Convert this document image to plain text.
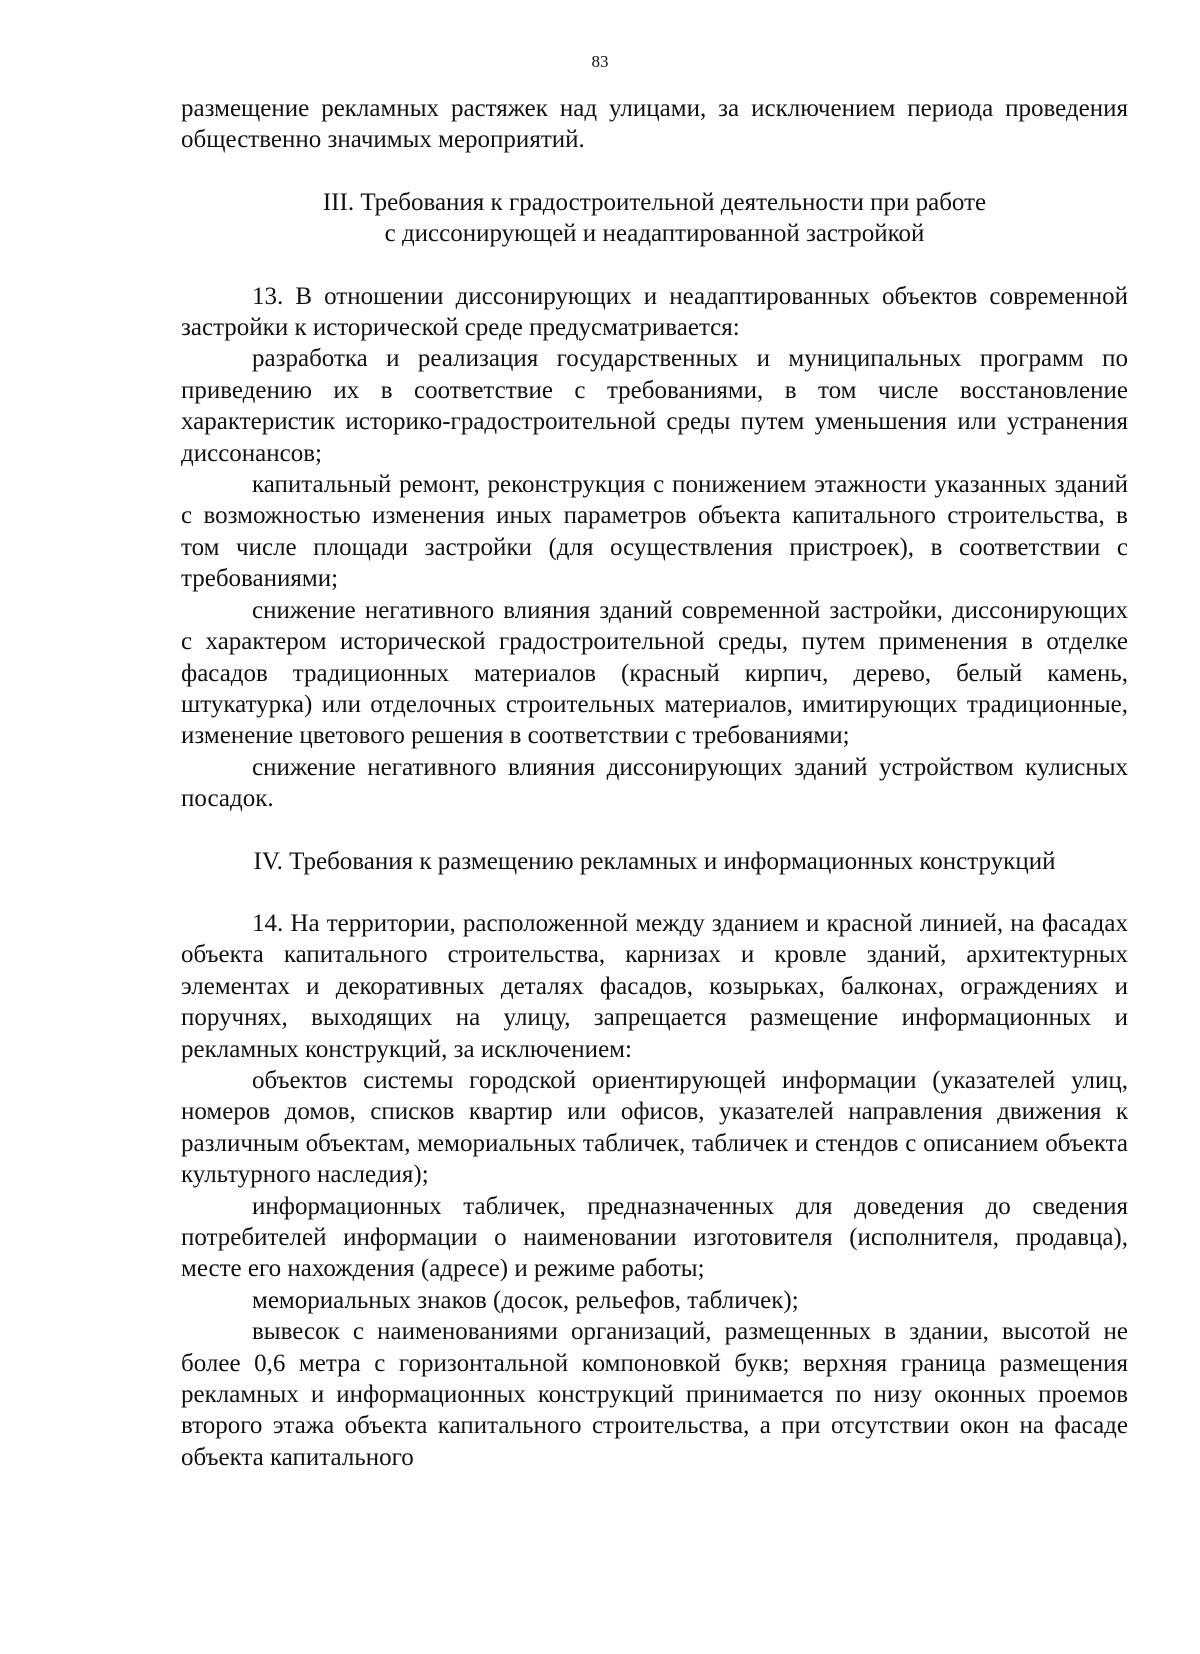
83

размещение рекламных растяжек над улицами, за исключением периода проведения общественно значимых мероприятий.

III. Требования к градостроительной деятельности при работе
с диссонирующей и неадаптированной застройкой

13. В отношении диссонирующих и неадаптированных объектов современной застройки к исторической среде предусматривается:

разработка и реализация государственных и муниципальных программ по приведению их в соответствие с требованиями, в том числе восстановление характеристик историко-градостроительной среды путем уменьшения или устранения диссонансов;

капитальный ремонт, реконструкция с понижением этажности указанных зданий с возможностью изменения иных параметров объекта капитального строительства, в том числе площади застройки (для осуществления пристроек), в соответствии с требованиями;

снижение негативного влияния зданий современной застройки, диссонирующих с характером исторической градостроительной среды, путем применения в отделке фасадов традиционных материалов (красный кирпич, дерево, белый камень, штукатурка) или отделочных строительных материалов, имитирующих традиционные, изменение цветового решения в соответствии с требованиями;

снижение негативного влияния диссонирующих зданий устройством кулисных посадок.

IV. Требования к размещению рекламных и информационных конструкций

14. На территории, расположенной между зданием и красной линией, на фасадах объекта капитального строительства, карнизах и кровле зданий, архитектурных элементах и декоративных деталях фасадов, козырьках, балконах, ограждениях и поручнях, выходящих на улицу, запрещается размещение информационных и рекламных конструкций, за исключением:

объектов системы городской ориентирующей информации (указателей улиц, номеров домов, списков квартир или офисов, указателей направления движения к различным объектам, мемориальных табличек, табличек и стендов с описанием объекта культурного наследия);

информационных табличек, предназначенных для доведения до сведения потребителей информации о наименовании изготовителя (исполнителя, продавца), месте его нахождения (адресе) и режиме работы;

мемориальных знаков (досок, рельефов, табличек);

вывесок с наименованиями организаций, размещенных в здании, высотой не более 0,6 метра с горизонтальной компоновкой букв; верхняя граница размещения рекламных и информационных конструкций принимается по низу оконных проемов второго этажа объекта капитального строительства, а при отсутствии окон на фасаде объекта капитального
